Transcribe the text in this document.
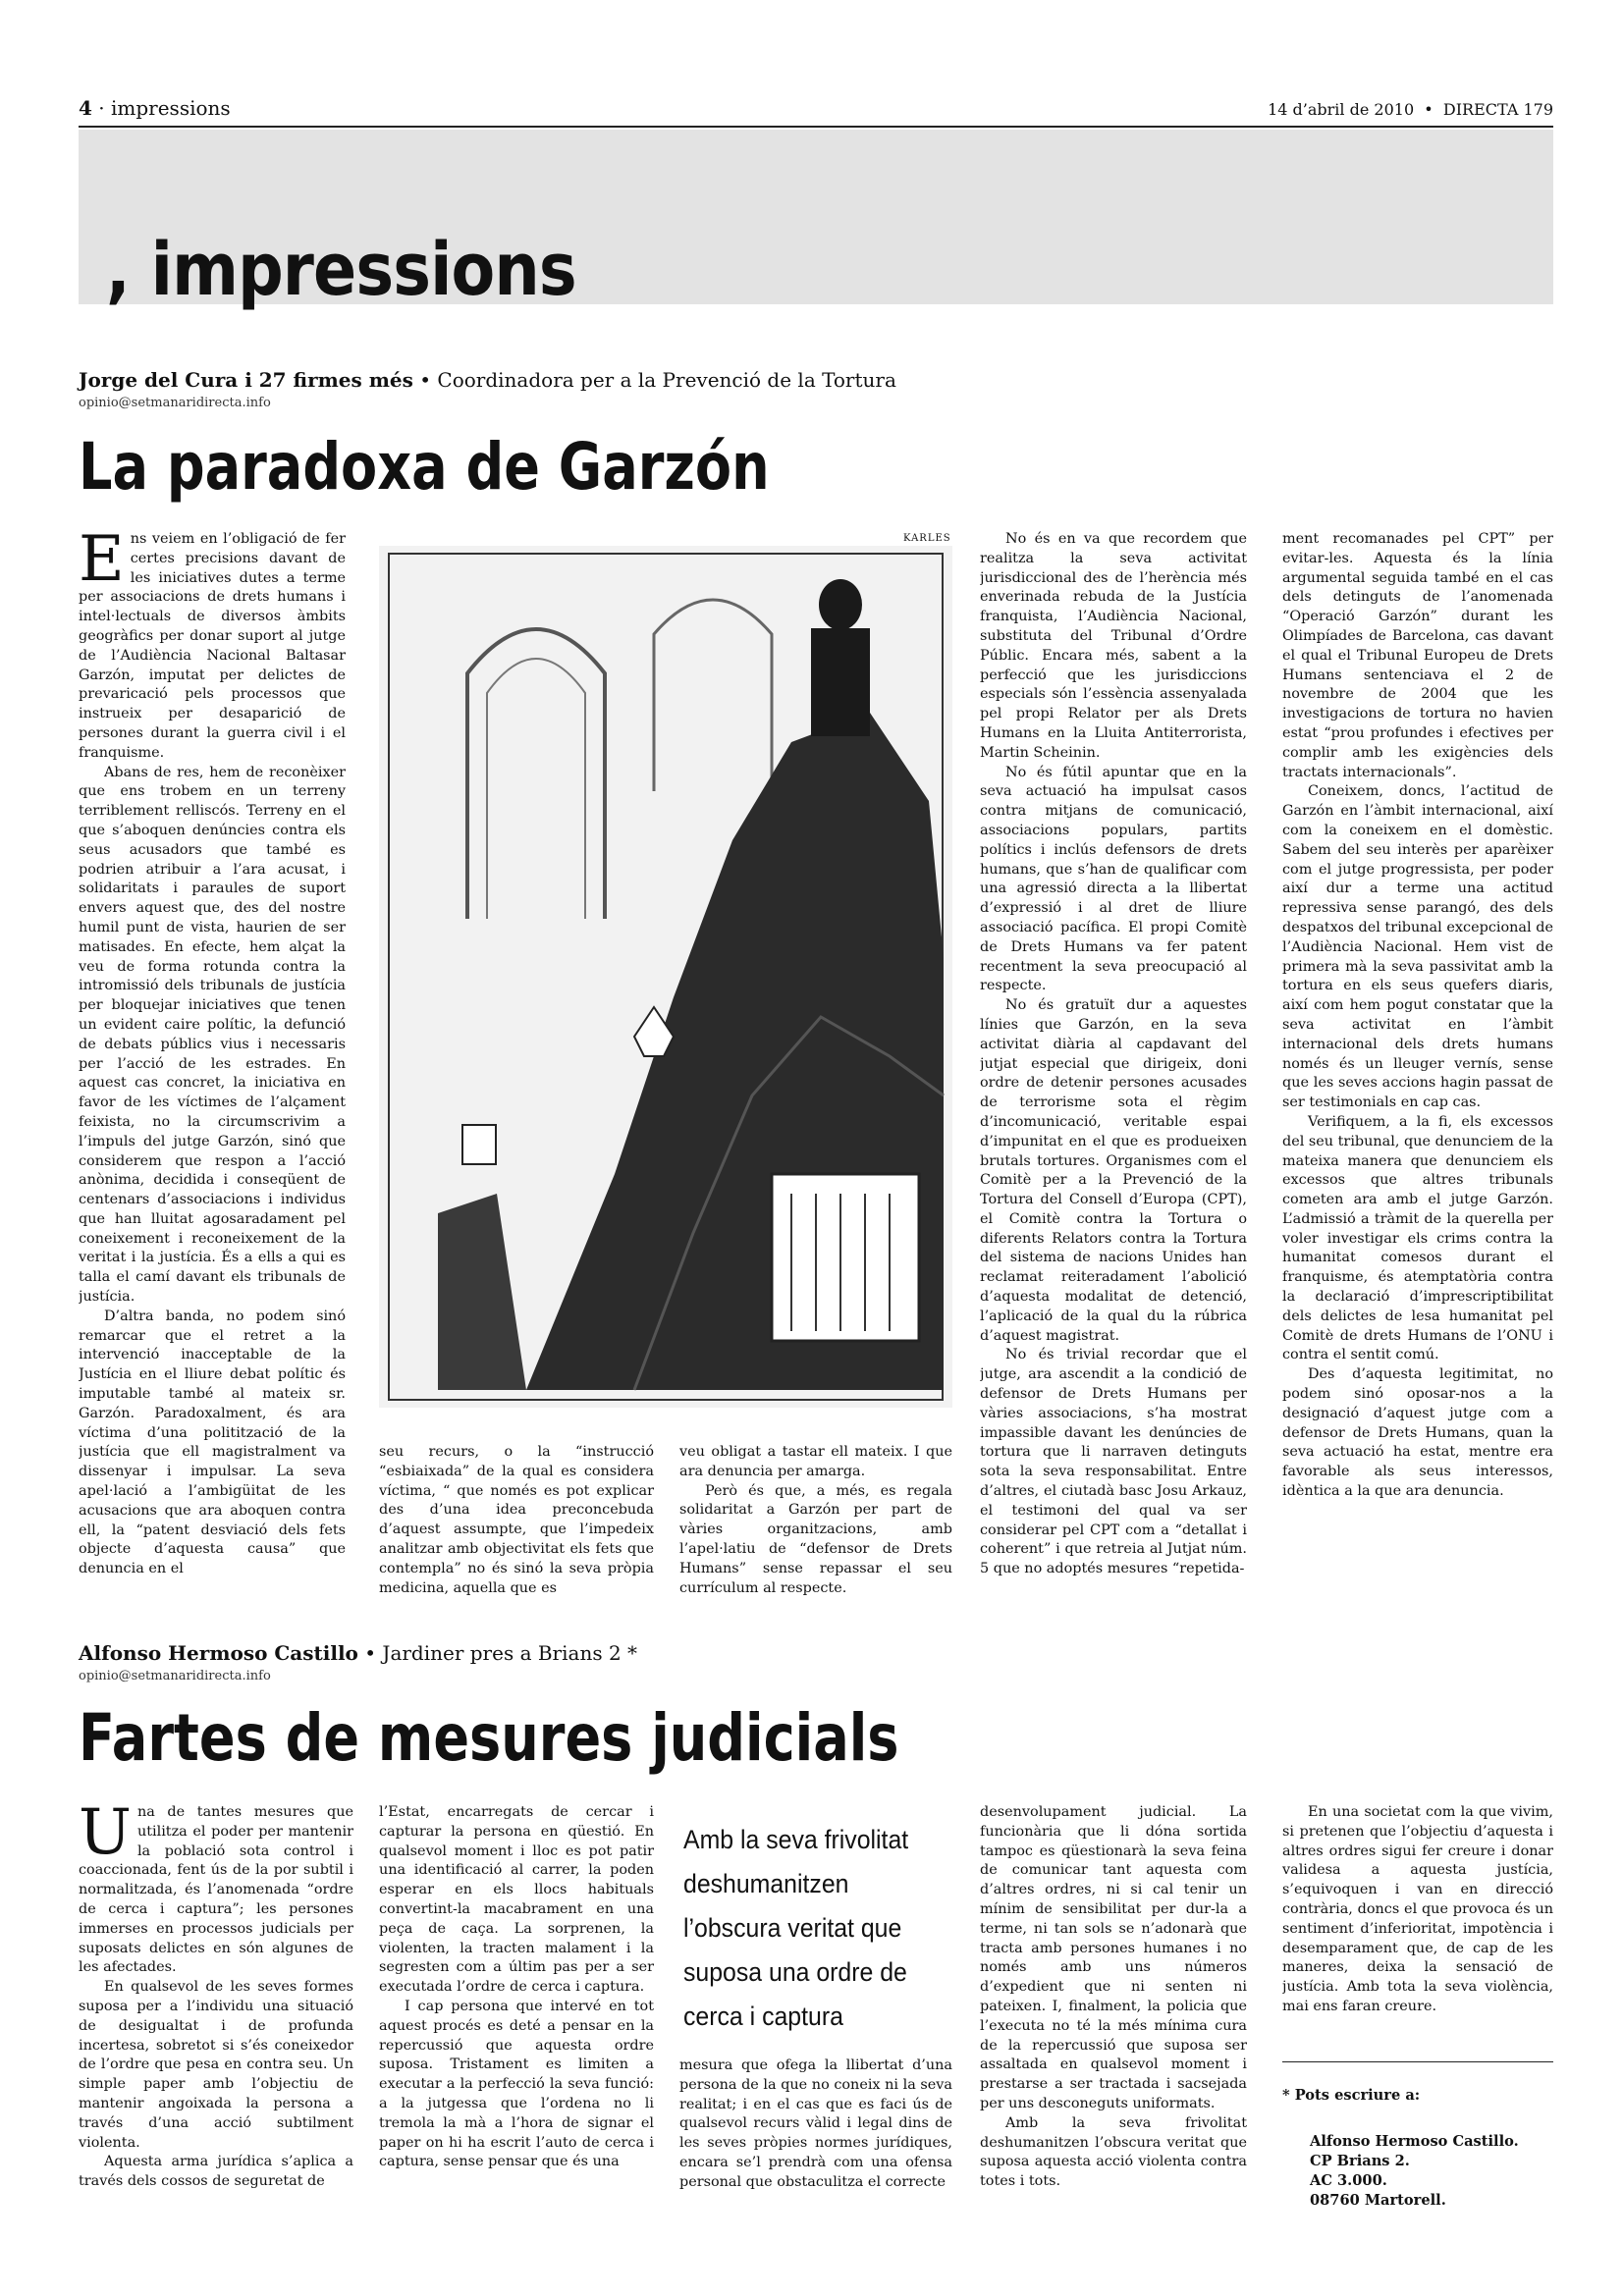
4 · impressions	14 d’abril de 2010 • DIRECTA 179
, impressions
Jorge del Cura i 27 firmes més • Coordinadora per a la Prevenció de la Tortura
opinio@setmanaridirecta.info
La paradoxa de Garzón

Ens veiem en l’obligació de fer certes precisions davant de les iniciatives dutes a terme per associacions de drets humans i intel·lectuals de diversos àmbits geogràfics per donar suport al jutge de l’Audiència Nacional Baltasar Garzón, imputat per delictes de prevaricació pels processos que instrueix per desaparició de persones durant la guerra civil i el franquisme.

Abans de res, hem de reconèixer que ens trobem en un terreny terriblement relliscós. Terreny en el que s’aboquen denúncies contra els seus acusadors que també es podrien atribuir a l’ara acusat, i solidaritats i paraules de suport envers aquest que, des del nostre humil punt de vista, haurien de ser matisades. En efecte, hem alçat la veu de forma rotunda contra la intromissió dels tribunals de justícia per bloquejar iniciatives que tenen un evident caire polític, la defunció de debats públics vius i necessaris per l’acció de les estrades. En aquest cas concret, la iniciativa en favor de les víctimes de l’alçament feixista, no la circumscrivim a l’impuls del jutge Garzón, sinó que considerem que respon a l’acció anònima, decidida i conseqüent de centenars d’associacions i individus que han lluitat agosaradament pel coneixement i reconeixement de la veritat i la justícia. És a ells a qui es talla el camí davant els tribunals de justícia.

D’altra banda, no podem sinó remarcar que el retret a la intervenció inacceptable de la Justícia en el lliure debat polític és imputable també al mateix sr. Garzón. Paradoxalment, és ara víctima d’una politització de la justícia que ell magistralment va dissenyar i impulsar. La seva apel·lació a l’ambigüitat de les acusacions que ara aboquen contra ell, la “patent desviació dels fets objecte d’aquesta causa” que denuncia en el

KARLES

seu recurs, o la “instrucció “esbiaixada” de la qual es considera víctima, “ que només es pot explicar des d’una idea preconcebuda d’aquest assumpte, que l’impedeix analitzar amb objectivitat els fets que contempla” no és sinó la seva pròpia medicina, aquella que es

veu obligat a tastar ell mateix. I que ara denuncia per amarga.

Però és que, a més, es regala solidaritat a Garzón per part de vàries organitzacions, amb l’apel·latiu de “defensor de Drets Humans” sense repassar el seu currículum al respecte.

No és en va que recordem que realitza la seva activitat jurisdiccional des de l’herència més enverinada rebuda de la Justícia franquista, l’Audiència Nacional, substituta del Tribunal d’Ordre Públic. Encara més, sabent a la perfecció que les jurisdiccions especials són l’essència assenyalada pel propi Relator per als Drets Humans en la Lluita Antiterrorista, Martin Scheinin.

No és fútil apuntar que en la seva actuació ha impulsat casos contra mitjans de comunicació, associacions populars, partits polítics i inclús defensors de drets humans, que s’han de qualificar com una agressió directa a la llibertat d’expressió i al dret de lliure associació pacífica. El propi Comitè de Drets Humans va fer patent recentment la seva preocupació al respecte.

No és gratuït dur a aquestes línies que Garzón, en la seva activitat diària al capdavant del jutjat especial que dirigeix, doni ordre de detenir persones acusades de terrorisme sota el règim d’incomunicació, veritable espai d’impunitat en el que es produeixen brutals tortures. Organismes com el Comitè per a la Prevenció de la Tortura del Consell d’Europa (CPT), el Comitè contra la Tortura o diferents Relators contra la Tortura del sistema de nacions Unides han reclamat reiteradament l’abolició d’aquesta modalitat de detenció, l’aplicació de la qual du la rúbrica d’aquest magistrat.

No és trivial recordar que el jutge, ara ascendit a la condició de defensor de Drets Humans per vàries associacions, s’ha mostrat impassible davant les denúncies de tortura que li narraven detinguts sota la seva responsabilitat. Entre d’altres, el ciutadà basc Josu Arkauz, el testimoni del qual va ser considerar pel CPT com a “detallat i coherent” i que retreia al Jutjat núm. 5 que no adoptés mesures “repetida-

ment recomanades pel CPT” per evitar-les. Aquesta és la línia argumental seguida també en el cas dels detinguts de l’anomenada “Operació Garzón” durant les Olimpíades de Barcelona, cas davant el qual el Tribunal Europeu de Drets Humans sentenciava el 2 de novembre de 2004 que les investigacions de tortura no havien estat “prou profundes i efectives per complir amb les exigències dels tractats internacionals”.

Coneixem, doncs, l’actitud de Garzón en l’àmbit internacional, així com la coneixem en el domèstic. Sabem del seu interès per aparèixer com el jutge progressista, per poder així dur a terme una actitud repressiva sense parangó, des dels despatxos del tribunal excepcional de l’Audiència Nacional. Hem vist de primera mà la seva passivitat amb la tortura en els seus quefers diaris, així com hem pogut constatar que la seva activitat en l’àmbit internacional dels drets humans només és un lleuger vernís, sense que les seves accions hagin passat de ser testimonials en cap cas.

Verifiquem, a la fi, els excessos del seu tribunal, que denunciem de la mateixa manera que denunciem els excessos que altres tribunals cometen ara amb el jutge Garzón. L’admissió a tràmit de la querella per voler investigar els crims contra la humanitat comesos durant el franquisme, és atemptatòria contra la declaració d’imprescriptibilitat dels delictes de lesa humanitat pel Comitè de drets Humans de l’ONU i contra el sentit comú.

Des d’aquesta legitimitat, no podem sinó oposar-nos a la designació d’aquest jutge com a defensor de Drets Humans, quan la seva actuació ha estat, mentre era favorable als seus interessos, idèntica a la que ara denuncia.

Alfonso Hermoso Castillo • Jardiner pres a Brians 2 *
opinio@setmanaridirecta.info
Fartes de mesures judicials

Una de tantes mesures que utilitza el poder per mantenir la població sota control i coaccionada, fent ús de la por subtil i normalitzada, és l’anomenada “ordre de cerca i captura”; les persones immerses en processos judicials per suposats delictes en són algunes de les afectades.

En qualsevol de les seves formes suposa per a l’individu una situació de desigualtat i de profunda incertesa, sobretot si s’és coneixedor de l’ordre que pesa en contra seu. Un simple paper amb l’objectiu de mantenir angoixada la persona a través d’una acció subtilment violenta.

Aquesta arma jurídica s’aplica a través dels cossos de seguretat de

l’Estat, encarregats de cercar i capturar la persona en qüestió. En qualsevol moment i lloc es pot patir una identificació al carrer, la poden esperar en els llocs habituals convertint-la macabrament en una peça de caça. La sorprenen, la violenten, la tracten malament i la segresten com a últim pas per a ser executada l’ordre de cerca i captura.

I cap persona que intervé en tot aquest procés es deté a pensar en la repercussió que aquesta ordre suposa. Tristament es limiten a executar a la perfecció la seva funció: a la jutgessa que l’ordena no li tremola la mà a l’hora de signar el paper on hi ha escrit l’auto de cerca i captura, sense pensar que és una

Amb la seva frivolitat deshumanitzen l’obscura veritat que suposa una ordre de cerca i captura

mesura que ofega la llibertat d’una persona de la que no coneix ni la seva realitat; i en el cas que es faci ús de qualsevol recurs vàlid i legal dins de les seves pròpies normes jurídiques, encara se’l prendrà com una ofensa personal que obstaculitza el correcte

desenvolupament judicial. La funcionària que li dóna sortida tampoc es qüestionarà la seva feina de comunicar tant aquesta com d’altres ordres, ni si cal tenir un mínim de sensibilitat per dur-la a terme, ni tan sols se n’adonarà que tracta amb persones humanes i no només amb uns números d’expedient que ni senten ni pateixen. I, finalment, la policia que l’executa no té la més mínima cura de la repercussió que suposa ser assaltada en qualsevol moment i prestarse a ser tractada i sacsejada per uns desconeguts uniformats.

Amb la seva frivolitat deshumanitzen l’obscura veritat que suposa aquesta acció violenta contra totes i tots.

En una societat com la que vivim, si pretenen que l’objectiu d’aquesta i altres ordres sigui fer creure i donar validesa a aquesta justícia, s’equivoquen i van en direcció contrària, doncs el que provoca és un sentiment d’inferioritat, impotència i desemparament que, de cap de les maneres, deixa la sensació de justícia. Amb tota la seva violència, mai ens faran creure.

* Pots escriure a:
Alfonso Hermoso Castillo.
CP Brians 2.
AC 3.000.
08760 Martorell.
